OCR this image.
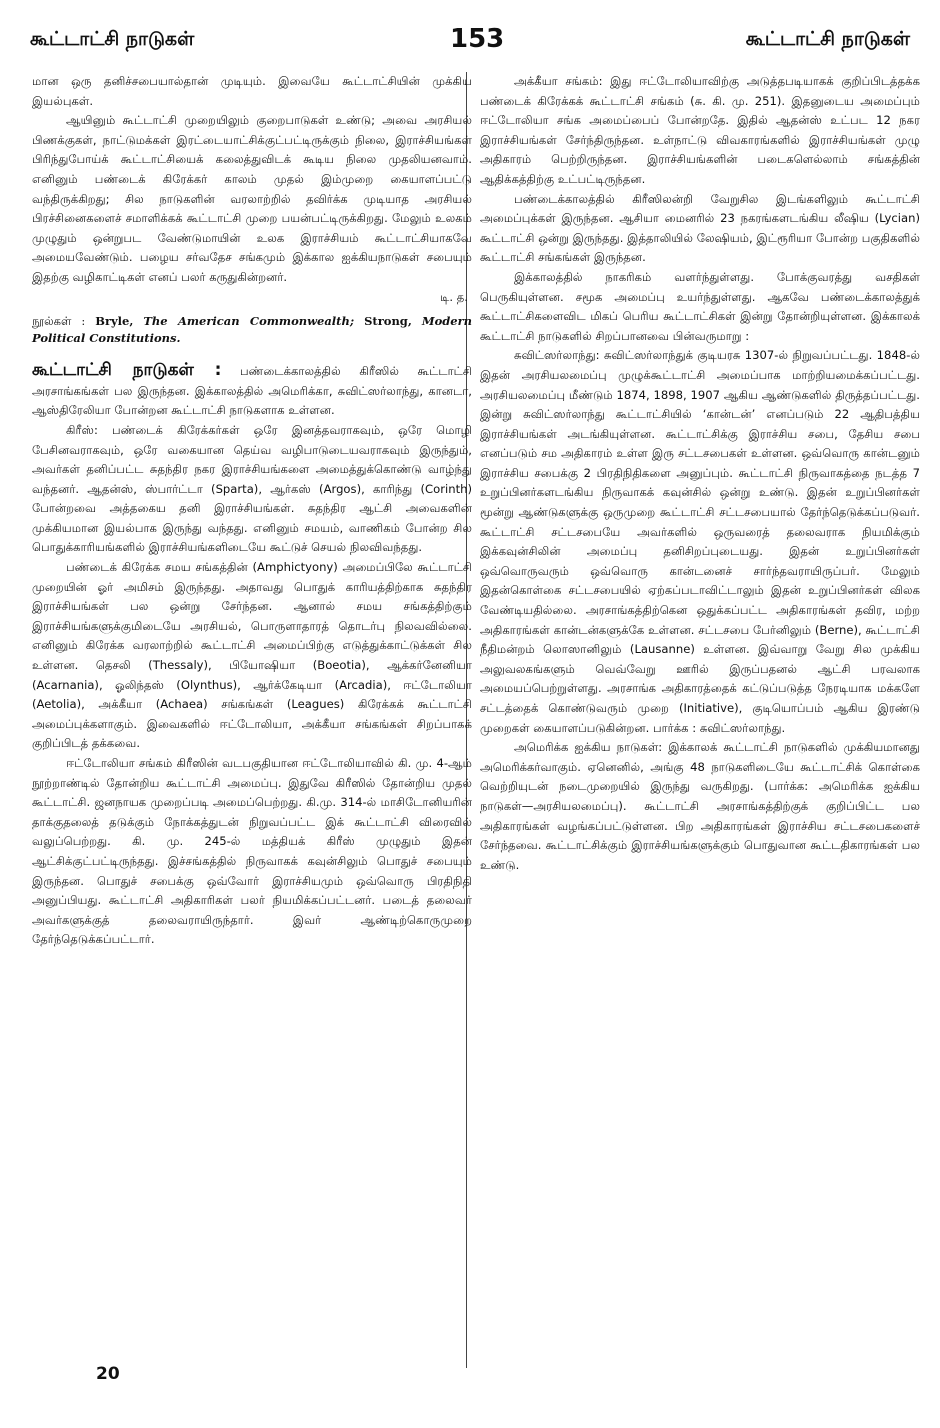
கூட்டாட்சி நாடுகள்	153	கூட்டாட்சி நாடுகள்

மான ஒரு தனிச்சபையால்தான் முடியும். இவையே கூட்டாட்சியின் முக்கிய இயல்புகள்.

ஆயினும் கூட்டாட்சி முறையிலும் குறைபாடுகள் உண்டு; அவை அரசியல் பிணக்குகள், நாட்டுமக்கள் இரட்டையாட்சிக்குட்பட்டிருக்கும் நிலை, இராச்சியங்கள் பிரிந்துபோய்க் கூட்டாட்சியைக் கலைத்துவிடக் கூடிய நிலை முதலியனவாம். எனினும் பண்டைக் கிரேக்கர் காலம் முதல் இம்முறை கையாளப்பட்டு வந்திருக்கிறது; சில நாடுகளின் வரலாற்றில் தவிர்க்க முடியாத அரசியல் பிரச்சினைகளைச் சமாளிக்கக் கூட்டாட்சி முறை பயன்பட்டிருக்கிறது. மேலும் உலகம் முழுதும் ஒன்றுபட வேண்டுமாயின் உலக இராச்சியம் கூட்டாட்சியாகவே அமையவேண்டும். பழைய சர்வதேச சங்கமும் இக்கால ஐக்கியநாடுகள் சபையும் இதற்கு வழிகாட்டிகள் எனப் பலர் கருதுகின்றனர்.

டி. த.

நூல்கள் : Bryle, The American Commonwealth; Strong, Modern Political Constitutions.

கூட்டாட்சி நாடுகள் : பண்டைக்காலத்தில் கிரீஸில் கூட்டாட்சி அரசாங்கங்கள் பல இருந்தன. இக்காலத்தில் அமெரிக்கா, சுவிட்ஸர்லாந்து, கானடா, ஆஸ்திரேலியா போன்றன கூட்டாட்சி நாடுகளாக உள்ளன.

கிரீஸ்: பண்டைக் கிரேக்கர்கள் ஒரே இனத்தவராகவும், ஒரே மொழி பேசினவராகவும், ஒரே வகையான தெய்வ வழிபாடுடையவராகவும் இருந்தும், அவர்கள் தனிப்பட்ட சுதந்திர நகர இராச்சியங்களை அமைத்துக்கொண்டு வாழ்ந்து வந்தனர். ஆதன்ஸ், ஸ்பார்ட்டா (Sparta), ஆர்கஸ் (Argos), காரிந்து (Corinth) போன்றவை அத்தகைய தனி இராச்சியங்கள். சுதந்திர ஆட்சி அவைகளின் முக்கியமான இயல்பாக இருந்து வந்தது. எனினும் சமயம், வாணிகம் போன்ற சில பொதுக்காரியங்களில் இராச்சியங்களிடையே கூட்டுச் செயல் நிலவிவந்தது.

பண்டைக் கிரேக்க சமய சங்கத்தின் (Amphictyony) அமைப்பிலே கூட்டாட்சி முறையின் ஓர் அமிசம் இருந்தது. அதாவது பொதுக் காரியத்திற்காக சுதந்திர இராச்சியங்கள் பல ஒன்று சேர்ந்தன. ஆனால் சமய சங்கத்திற்கும் இராச்சியங்களுக்குமிடையே அரசியல், பொருளாதாரத் தொடர்பு நிலவவில்லை. எனினும் கிரேக்க வரலாற்றில் கூட்டாட்சி அமைப்பிற்கு எடுத்துக்காட்டுக்கள் சில உள்ளன. தெசலி (Thessaly), பியோஷியா (Boeotia), ஆக்கர்னேனியா (Acarnania), ஓலிந்தஸ் (Olynthus), ஆர்க்கேடியா (Arcadia), ஈட்டோலியா (Aetolia), அக்கீயா (Achaea) சங்கங்கள் (Leagues) கிரேக்கக் கூட்டாட்சி அமைப்புக்களாகும். இவைகளில் ஈட்டோலியா, அக்கீயா சங்கங்கள் சிறப்பாகக் குறிப்பிடத் தக்கவை.

ஈட்டோலியா சங்கம் கிரீஸின் வடபகுதியான ஈட்டோலியாவில் கி. மு. 4-ஆம் நூற்றாண்டில் தோன்றிய கூட்டாட்சி அமைப்பு. இதுவே கிரீஸில் தோன்றிய முதல் கூட்டாட்சி. ஜனநாயக முறைப்படி அமைப்பெற்றது. கி.மு. 314-ல் மாசிடோனியரின் தாக்குதலைத் தடுக்கும் நோக்கத்துடன் நிறுவப்பட்ட இக் கூட்டாட்சி விரைவில் வலுப்பெற்றது. கி. மு. 245-ல் மத்தியக் கிரீஸ் முழுதும் இதன் ஆட்சிக்குட்பட்டிருந்தது. இச்சங்கத்தில் நிருவாகக் கவுன்சிலும் பொதுச் சபையும் இருந்தன. பொதுச் சபைக்கு ஒவ்வோர் இராச்சியமும் ஒவ்வொரு பிரதிநிதி அனுப்பியது. கூட்டாட்சி அதிகாரிகள் பலர் நியமிக்கப்பட்டனர். படைத் தலைவர் அவர்களுக்குத் தலைவராயிருந்தார். இவர் ஆண்டிற்கொருமுறை தேர்ந்தெடுக்கப்பட்டார்.

அக்கீயா சங்கம்: இது ஈட்டோலியாவிற்கு அடுத்தபடியாகக் குறிப்பிடத்தக்க பண்டைக் கிரேக்கக் கூட்டாட்சி சங்கம் (சு. கி. மு. 251). இதனுடைய அமைப்பும் ஈட்டோலியா சங்க அமைப்பைப் போன்றதே. இதில் ஆதன்ஸ் உட்பட 12 நகர இராச்சியங்கள் சேர்ந்திருந்தன. உள்நாட்டு விவகாரங்களில் இராச்சியங்கள் முழு அதிகாரம் பெற்றிருந்தன. இராச்சியங்களின் படைகளெல்லாம் சங்கத்தின் ஆதிக்கத்திற்கு உட்பட்டிருந்தன.

பண்டைக்காலத்தில் கிரீஸிலன்றி வேறுசில இடங்களிலும் கூட்டாட்சி அமைப்புக்கள் இருந்தன. ஆசியா மைனரில் 23 நகரங்களடங்கிய லீஷிய (Lycian) கூட்டாட்சி ஒன்று இருந்தது. இத்தாலியில் லேஷியம், இட்ரூரியா போன்ற பகுதிகளில் கூட்டாட்சி சங்கங்கள் இருந்தன.

இக்காலத்தில் நாகரிகம் வளர்ந்துள்ளது. போக்குவரத்து வசதிகள் பெருகியுள்ளன. சமூக அமைப்பு உயர்ந்துள்ளது. ஆகவே பண்டைக்காலத்துக் கூட்டாட்சிகளைவிட மிகப் பெரிய கூட்டாட்சிகள் இன்று தோன்றியுள்ளன. இக்காலக் கூட்டாட்சி நாடுகளில் சிறப்பானவை பின்வருமாறு :

சுவிட்ஸர்லாந்து: சுவிட்ஸர்லாந்துக் குடியரசு 1307-ல் நிறுவப்பட்டது. 1848-ல் இதன் அரசியலமைப்பு முழுக்கூட்டாட்சி அமைப்பாக மாற்றியமைக்கப்பட்டது. அரசியலமைப்பு மீண்டும் 1874, 1898, 1907 ஆகிய ஆண்டுகளில் திருத்தப்பட்டது. இன்று சுவிட்ஸர்லாந்து கூட்டாட்சியில் ‘கான்டன்’ எனப்படும் 22 ஆதிபத்திய இராச்சியங்கள் அடங்கியுள்ளன. கூட்டாட்சிக்கு இராச்சிய சபை, தேசிய சபை எனப்படும் சம அதிகாரம் உள்ள இரு சட்டசபைகள் உள்ளன. ஒவ்வொரு கான்டனும் இராச்சிய சபைக்கு 2 பிரதிநிதிகளை அனுப்பும். கூட்டாட்சி நிருவாகத்தை நடத்த 7 உறுப்பினர்களடங்கிய நிருவாகக் கவுன்சில் ஒன்று உண்டு. இதன் உறுப்பினர்கள் மூன்று ஆண்டுகளுக்கு ஒருமுறை கூட்டாட்சி சட்டசபையால் தேர்ந்தெடுக்கப்படுவர். கூட்டாட்சி சட்டசபையே அவர்களில் ஒருவரைத் தலைவராக நியமிக்கும் இக்கவுன்சிலின் அமைப்பு தனிசிறப்புடையது. இதன் உறுப்பினர்கள் ஒவ்வொருவரும் ஒவ்வொரு கான்டனைச் சார்ந்தவராயிருப்பர். மேலும் இதன்கொள்கை சட்டசபையில் ஏற்கப்படாவிட்டாலும் இதன் உறுப்பினர்கள் விலக வேண்டியதில்லை. அரசாங்கத்திற்கென ஒதுக்கப்பட்ட அதிகாரங்கள் தவிர, மற்ற அதிகாரங்கள் கான்டன்களுக்கே உள்ளன. சட்டசபை பேர்னிலும் (Berne), கூட்டாட்சி நீதிமன்றம் லொஸானிலும் (Lausanne) உள்ளன. இவ்வாறு வேறு சில முக்கிய அலுவலகங்களும் வெவ்வேறு ஊரில் இருப்பதனல் ஆட்சி பரவலாக அமையப்பெற்றுள்ளது. அரசாங்க அதிகாரத்தைக் கட்டுப்படுத்த நேரடியாக மக்களே சட்டத்தைக் கொண்டுவரும் முறை (Initiative), குடியொப்பம் ஆகிய இரண்டு முறைகள் கையாளப்படுகின்றன. பார்க்க : சுவிட்ஸர்லாந்து.

அமெரிக்க ஐக்கிய நாடுகள்: இக்காலக் கூட்டாட்சி நாடுகளில் முக்கியமானது அமெரிக்கர்வாகும். ஏனெனில், அங்கு 48 நாடுகளிடையே கூட்டாட்சிக் கொள்கை வெற்றியுடன் நடைமுறையில் இருந்து வருகிறது. (பார்க்க: அமெரிக்க ஐக்கிய நாடுகள்—அரசியலமைப்பு). கூட்டாட்சி அரசாங்கத்திற்குக் குறிப்பிட்ட பல அதிகாரங்கள் வழங்கப்பட்டுள்ளன. பிற அதிகாரங்கள் இராச்சிய சட்டசபைகளைச் சேர்ந்தவை. கூட்டாட்சிக்கும் இராச்சியங்களுக்கும் பொதுவான கூட்டதிகாரங்கள் பல உண்டு.

20
